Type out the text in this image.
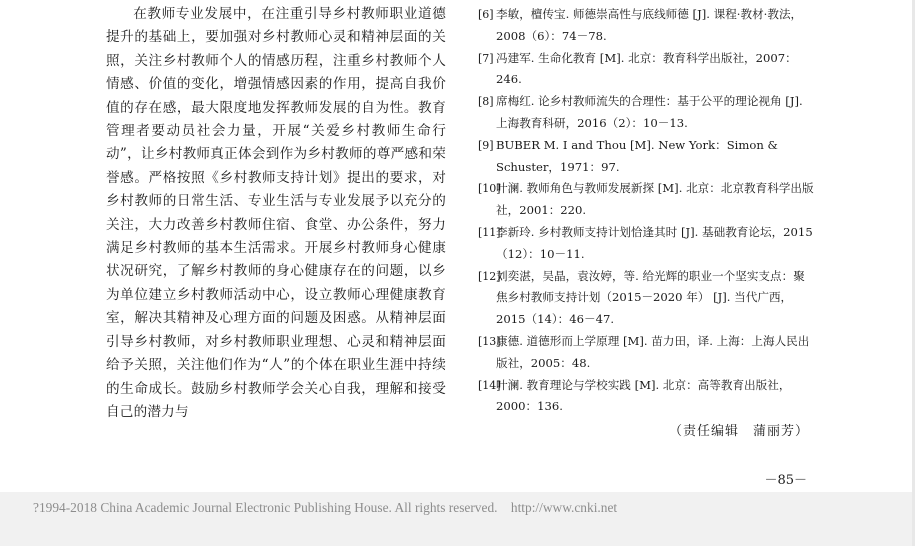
在教师专业发展中，在注重引导乡村教师职业道德提升的基础上，要加强对乡村教师心灵和精神层面的关照，关注乡村教师个人的情感历程，注重乡村教师个人情感、价值的变化，增强情感因素的作用，提高自我价值的存在感，最大限度地发挥教师发展的自为性。教育管理者要动员社会力量，开展“关爱乡村教师生命行动”，让乡村教师真正体会到作为乡村教师的尊严感和荣誉感。严格按照《乡村教师支持计划》提出的要求，对乡村教师的日常生活、专业生活与专业发展予以充分的关注，大力改善乡村教师住宿、食堂、办公条件，努力满足乡村教师的基本生活需求。开展乡村教师身心健康状况研究，了解乡村教师的身心健康存在的问题，以乡为单位建立乡村教师活动中心，设立教师心理健康教育室，解决其精神及心理方面的问题及困惑。从精神层面引导乡村教师，对乡村教师职业理想、心灵和精神层面给予关照，关注他们作为“人”的个体在职业生涯中持续的生命成长。鼓励乡村教师学会关心自我，理解和接受自己的潜力与

[6] 李敏，檀传宝. 师德崇高性与底线师德 [J]. 课程·教材·教法，2008（6）：74－78.
[7] 冯建军. 生命化教育 [M]. 北京：教育科学出版社，2007：246.
[8] 席梅红. 论乡村教师流失的合理性：基于公平的理论视角 [J]. 上海教育科研，2016（2）：10－13.
[9] BUBER M. I and Thou [M]. New York：Simon & Schuster，1971：97.
[10]
叶澜. 教师角色与教师发展新探 [M]. 北京：北京教育科学出版社，2001：220.
[11]
李新玲. 乡村教师支持计划恰逢其时 [J]. 基础教育论坛，2015（12）：10－11.
[12]
刘奕湛，吴晶，袁汝婷，等. 给光辉的职业一个坚实支点：聚焦乡村教师支持计划（2015－2020 年） [J]. 当代广西，2015（14）：46－47.
[13]
康德. 道德形而上学原理 [M]. 苗力田，译. 上海：上海人民出版社，2005：48.
[14]
叶澜. 教育理论与学校实践 [M]. 北京：高等教育出版社，2000：136.
（责任编辑　蒲丽芳）
－85－
?1994-2018 China Academic Journal Electronic Publishing House. All rights reserved.    http://www.cnki.net
